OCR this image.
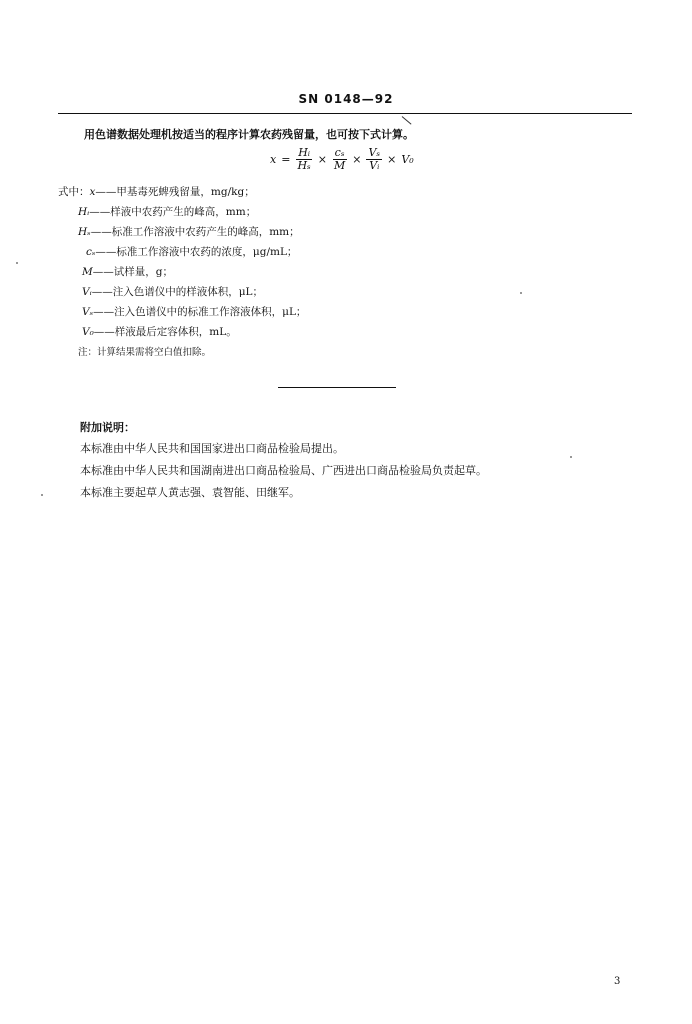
SN 0148—92
用色谱数据处理机按适当的程序计算农药残留量，也可按下式计算。
$x = \frac{\text{Hᵢ}}{\text{Hₛ}} \times \frac{\text{cₛ}}{M} \times \frac{\text{Vₛ}}{\text{Vᵢ}} \times V_0$
式中： x ——甲基毒死蜱残留量，mg/kg；
Hᵢ ——样液中农药产生的峰高，mm；
Hₛ ——标准工作溶液中农药产生的峰高，mm；
cₛ ——标准工作溶液中农药的浓度，μg/mL；
M ——试样量，g；
Vᵢ ——注入色谱仪中的样液体积，μL；
Vₛ ——注入色谱仪中的标准工作溶液体积，μL；
V₀ ——样液最后定容体积，mL。
注：计算结果需将空白值扣除。
附加说明：
本标准由中华人民共和国国家进出口商品检验局提出。
本标准由中华人民共和国湖南进出口商品检验局、广西进出口商品检验局负责起草。
本标准主要起草人黄志强、袁智能、田继军。
3
